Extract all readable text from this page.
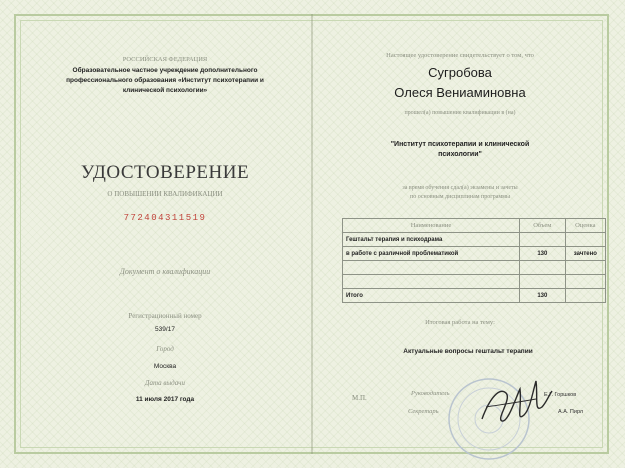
РОССИЙСКАЯ ФЕДЕРАЦИЯ
Образовательное частное учреждение дополнительного
профессионального образования «Институт психотерапии и
клинической психологии»
УДОСТОВЕРЕНИЕ
О ПОВЫШЕНИИ КВАЛИФИКАЦИИ
772404311519
Документ о квалификации
Регистрационный номер
539/17
Город
Москва
Дата выдачи
11 июля 2017 года
Настоящее удостоверение свидетельствует о том, что
Сугробова
Олеся Вениаминовна
прошел(а) повышение квалификации в (на)
"Институт психотерапии и клинической
психологии"
за время обучения сдал(а) экзамены и зачеты
по основным дисциплинам программы
Наименование	Объем	Оценка
Гештальт терапия и психодрама		
в работе с различной проблематикой	130	зачтено

Итого	130	
Итоговая работа на тему:
Актуальные вопросы гештальт терапии
М.П.
Руководитель
Секретарь
Е.Г. Горшков
А.А. Пирл
